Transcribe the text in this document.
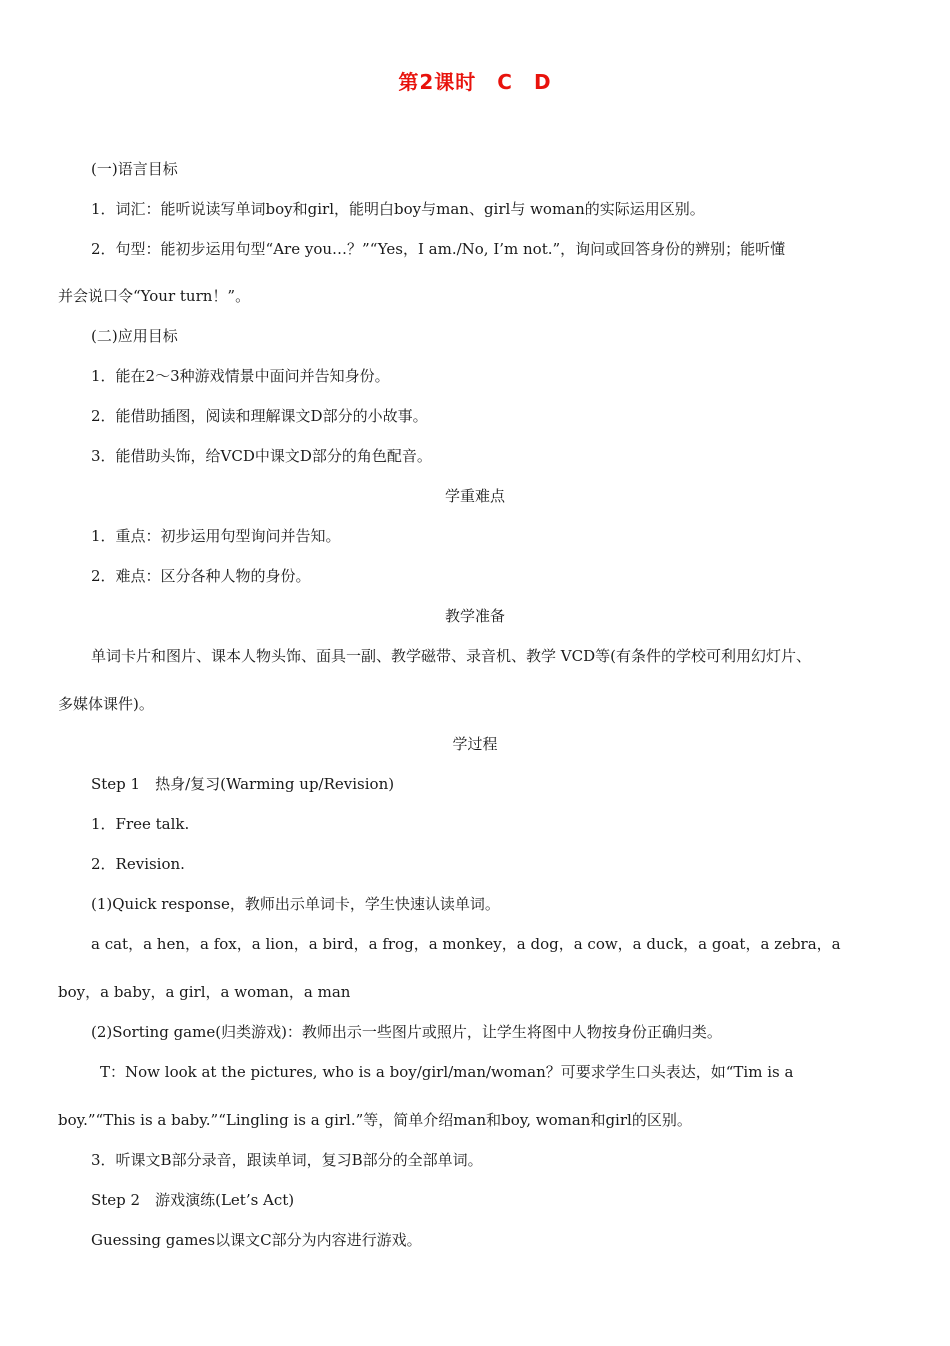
第2课时　C　D
(一)语言目标
1．词汇：能听说读写单词boy和girl，能明白boy与man、girl与 woman的实际运用区别。
2．句型：能初步运用句型“Are you…？”“Yes，I am./No, I’m not.”，询问或回答身份的辨别；能听懂
并会说口令“Your turn！”。
(二)应用目标
1．能在2～3种游戏情景中面问并告知身份。
2．能借助插图，阅读和理解课文D部分的小故事。
3．能借助头饰，给VCD中课文D部分的角色配音。
学重难点
1．重点：初步运用句型询问并告知。
2．难点：区分各种人物的身份。
教学准备
单词卡片和图片、课本人物头饰、面具一副、教学磁带、录音机、教学 VCD等(有条件的学校可利用幻灯片、
多媒体课件)。
学过程
Step 1　热身/复习(Warming up/Revision)
1．Free talk.
2．Revision.
(1)Quick response，教师出示单词卡，学生快速认读单词。
a cat，a hen，a fox，a lion，a bird，a frog，a monkey，a dog，a cow，a duck，a goat，a zebra，a
boy，a baby，a girl，a woman，a man
(2)Sorting game(归类游戏)：教师出示一些图片或照片，让学生将图中人物按身份正确归类。
T：Now look at the pictures, who is a boy/girl/man/woman？可要求学生口头表达，如“Tim is a
boy.”“This is a baby.”“Lingling is a girl.”等，简单介绍man和boy, woman和girl的区别。
3．听课文B部分录音，跟读单词，复习B部分的全部单词。
Step 2　游戏演练(Let’s Act)
Guessing games以课文C部分为内容进行游戏。
